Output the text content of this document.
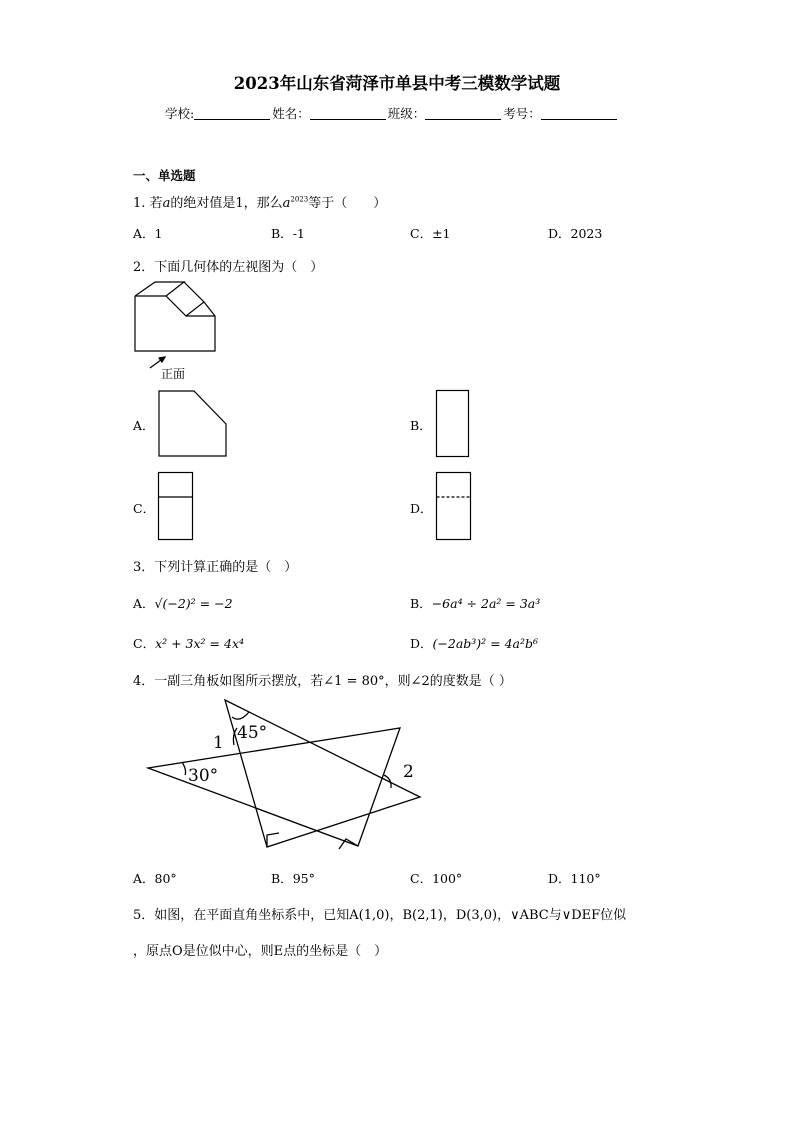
2023年山东省菏泽市单县中考三模数学试题
学校:	姓名：	班级：	考号：
一、单选题
1. 若a的绝对值是1，那么$a^{2023}$等于（　　）
A．1	B．-1	C．±1	D．2023
2．下面几何体的左视图为（　）
正面
A．	B．
C．	D．
3．下列计算正确的是（　）
A．√(−2)² = −2	B．−6a⁴ ÷ 2a² = 3a³
C．x² + 3x² = 4x⁴	D．(−2ab³)² = 4a²b⁶
4．一副三角板如图所示摆放，若∠1 = 80°，则∠2的度数是（ ）
45°
1
30°	2
A．80°	B．95°	C．100°	D．110°
5．如图，在平面直角坐标系中，已知A(1,0)，B(2,1)，D(3,0)，∨ABC与∨DEF位似
，原点O是位似中心，则E点的坐标是（　）
